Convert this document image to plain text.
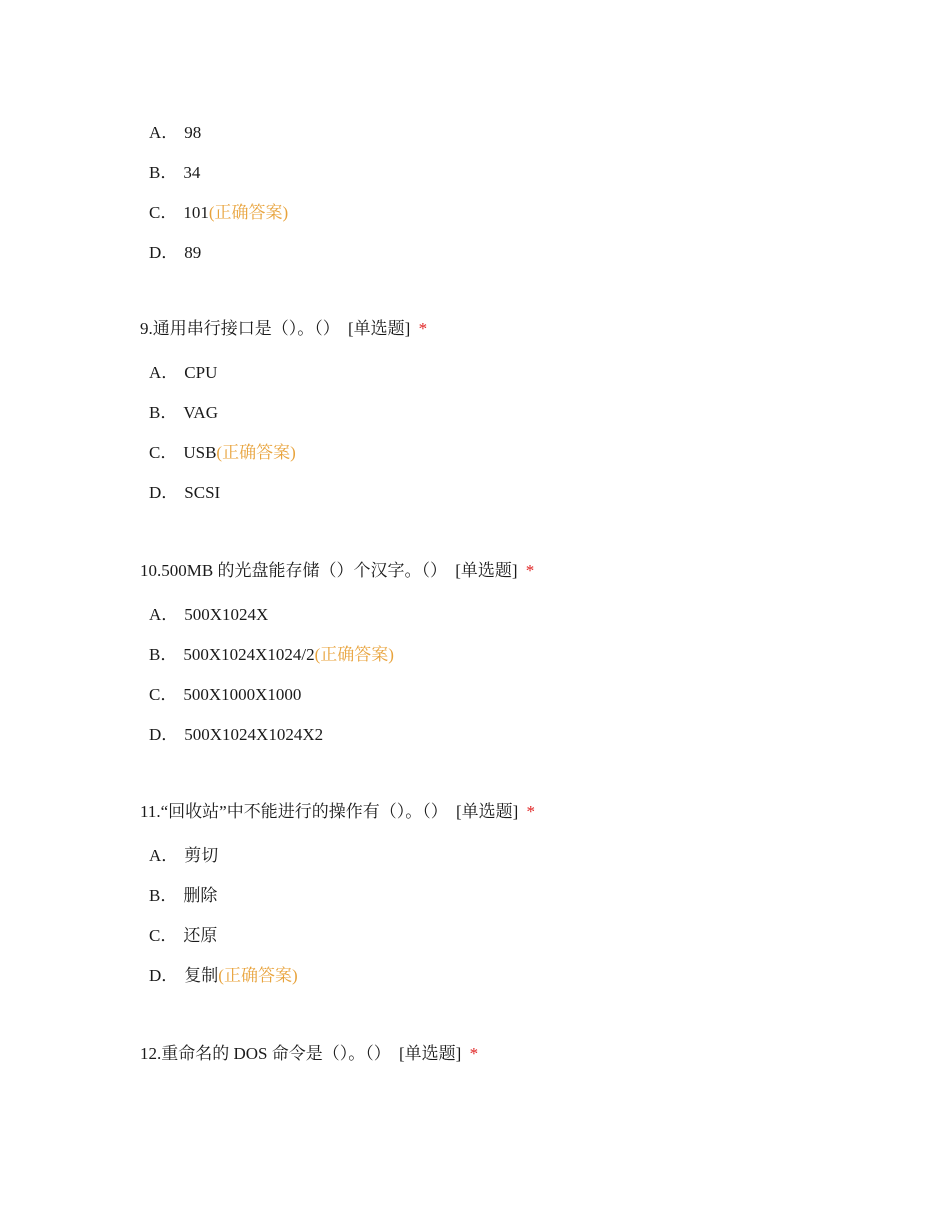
A． 98
B． 34
C． 101(正确答案)
D． 89
9.通用串行接口是（）。（） [单选题] *
A． CPU
B． VAG
C． USB(正确答案)
D． SCSI
10.500MB 的光盘能存储（）个汉字。（） [单选题] *
A． 500X1024X
B． 500X1024X1024/2(正确答案)
C． 500X1000X1000
D． 500X1024X1024X2
11.“回收站”中不能进行的操作有（）。（） [单选题] *
A． 剪切
B． 删除
C． 还原
D． 复制(正确答案)
12.重命名的 DOS 命令是（）。（） [单选题] *
